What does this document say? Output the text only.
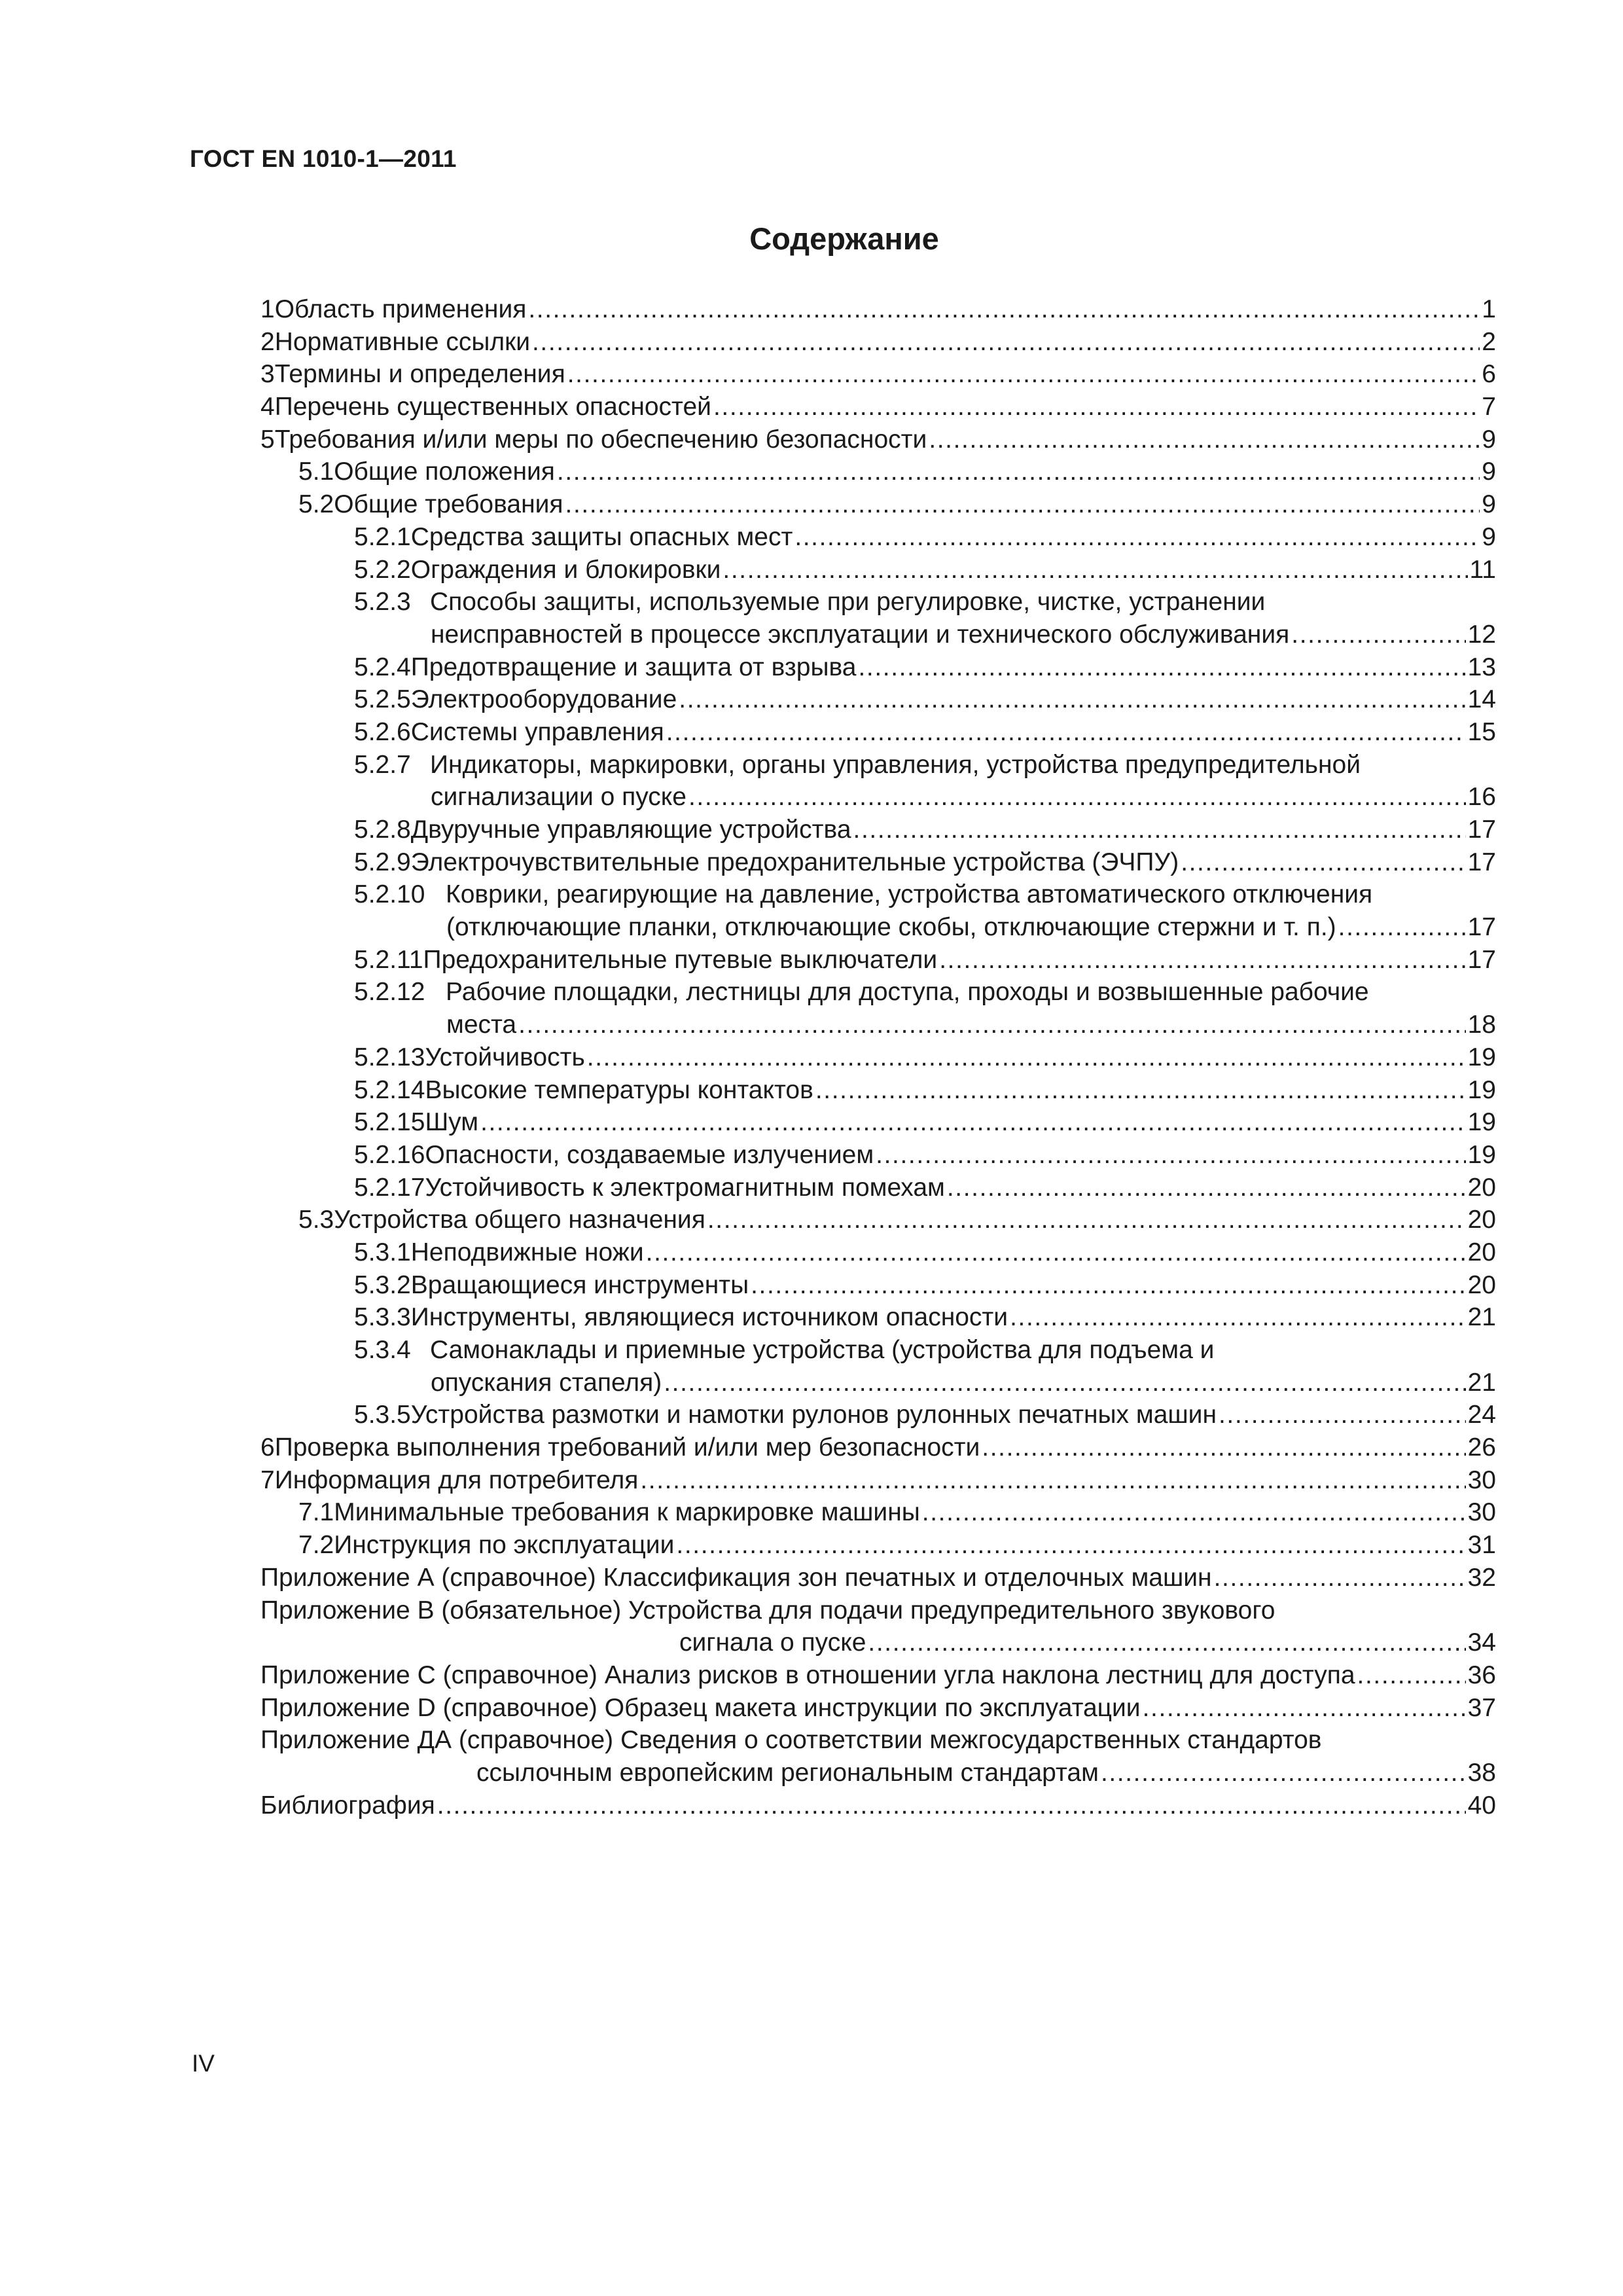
ГОСТ EN 1010-1—2011
Содержание
1 Область применения .....	1
2 Нормативные ссылки .....	2
3 Термины и определения .....	6
4 Перечень существенных опасностей .....	7
5 Требования и/или меры по обеспечению безопасности .....	9
5.1 Общие положения .....	9
5.2 Общие требования .....	9
5.2.1 Средства защиты опасных мест .....	9
5.2.2 Ограждения и блокировки .....	11
5.2.3 Способы защиты, используемые при регулировке, чистке, устранении
неисправностей в процессе эксплуатации и технического обслуживания .....	12
5.2.4 Предотвращение и защита от взрыва .....	13
5.2.5 Электрооборудование .....	14
5.2.6 Системы управления .....	15
5.2.7 Индикаторы, маркировки, органы управления, устройства предупредительной
сигнализации о пуске .....	16
5.2.8 Двуручные управляющие устройства .....	17
5.2.9 Электрочувствительные предохранительные устройства (ЭЧПУ) .....	17
5.2.10 Коврики, реагирующие на давление, устройства автоматического отключения
(отключающие планки, отключающие скобы, отключающие стержни и т. п.) .....	17
5.2.11 Предохранительные путевые выключатели .....	17
5.2.12 Рабочие площадки, лестницы для доступа, проходы и возвышенные рабочие
места .....	18
5.2.13 Устойчивость .....	19
5.2.14 Высокие температуры контактов .....	19
5.2.15 Шум .....	19
5.2.16 Опасности, создаваемые излучением .....	19
5.2.17 Устойчивость к электромагнитным помехам .....	20
5.3 Устройства общего назначения .....	20
5.3.1 Неподвижные ножи .....	20
5.3.2 Вращающиеся инструменты .....	20
5.3.3 Инструменты, являющиеся источником опасности .....	21
5.3.4 Самонаклады и приемные устройства (устройства для подъема и
опускания стапеля) .....	21
5.3.5 Устройства размотки и намотки рулонов рулонных печатных машин .....	24
6 Проверка выполнения требований и/или мер безопасности .....	26
7 Информация для потребителя .....	30
7.1 Минимальные требования к маркировке машины .....	30
7.2 Инструкция по эксплуатации .....	31
Приложение А (справочное) Классификация зон печатных и отделочных машин .....	32
Приложение В (обязательное) Устройства для подачи предупредительного звукового
сигнала о пуске .....	34
Приложение С (справочное) Анализ рисков в отношении угла наклона лестниц для доступа .....	36
Приложение D (справочное) Образец макета инструкции по эксплуатации .....	37
Приложение ДА (справочное) Сведения о соответствии межгосударственных стандартов
ссылочным европейским региональным стандартам .....	38
Библиография .....	40
IV
